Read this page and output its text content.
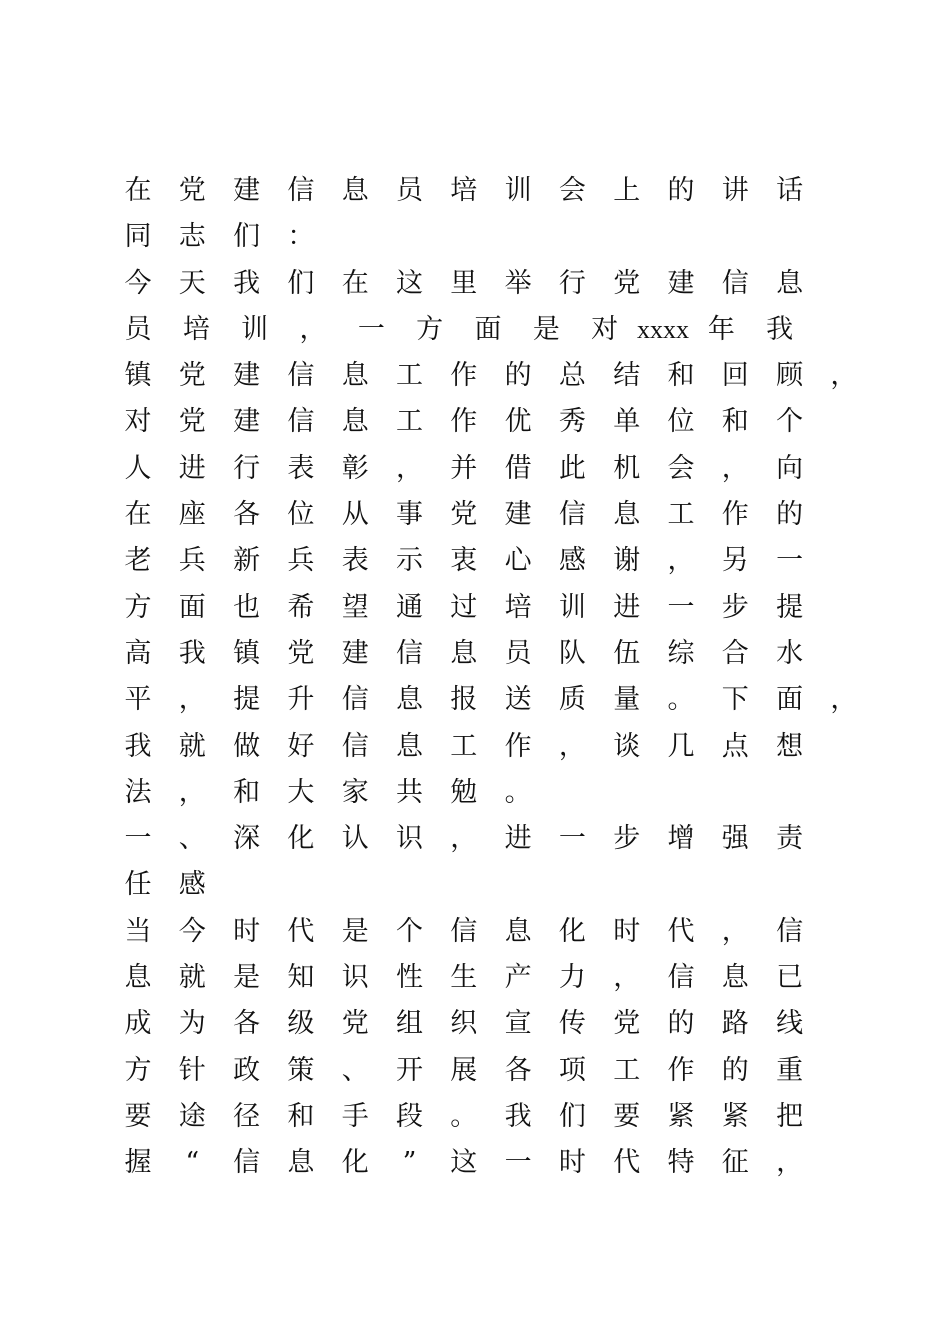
在 党 建 信 息 员 培 训 会 上 的 讲 话
同 志 们 ：
今 天 我 们 在 这 里 举 行 党 建 信 息
员 培 训 ， 一 方 面 是 对 xxxx 年 我
镇 党 建 信 息 工 作 的 总 结 和 回 顾 ，
对 党 建 信 息 工 作 优 秀 单 位 和 个
人 进 行 表 彰 ， 并 借 此 机 会 ， 向
在 座 各 位 从 事 党 建 信 息 工 作 的
老 兵 新 兵 表 示 衷 心 感 谢 ， 另 一
方 面 也 希 望 通 过 培 训 进 一 步 提
高 我 镇 党 建 信 息 员 队 伍 综 合 水
平 ， 提 升 信 息 报 送 质 量 。 下 面 ，
我 就 做 好 信 息 工 作 ， 谈 几 点 想
法 ， 和 大 家 共 勉 。
一 、 深 化 认 识 ， 进 一 步 增 强 责
任 感
当 今 时 代 是 个 信 息 化 时 代 ， 信
息 就 是 知 识 性 生 产 力 ， 信 息 已
成 为 各 级 党 组 织 宣 传 党 的 路 线
方 针 政 策 、 开 展 各 项 工 作 的 重
要 途 径 和 手 段 。 我 们 要 紧 紧 把
握 “ 信 息 化 ” 这 一 时 代 特 征 ，
